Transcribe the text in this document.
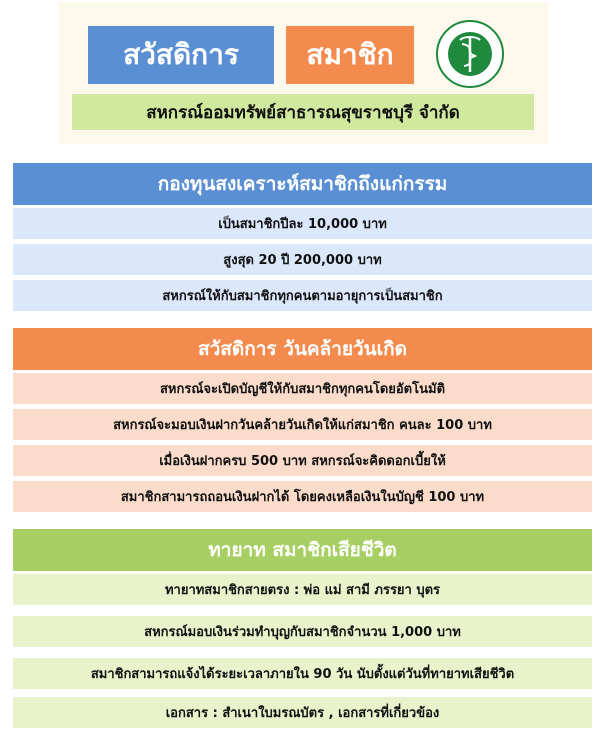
สวัสดิการ	สมาชิก
สหกรณ์ออมทรัพย์สาธารณสุขราชบุรี จำกัด
กองทุนสงเคราะห์สมาชิกถึงแก่กรรม
เป็นสมาชิกปีละ 10,000 บาท
สูงสุด 20 ปี 200,000 บาท
สหกรณ์ให้กับสมาชิกทุกคนตามอายุการเป็นสมาชิก
สวัสดิการ วันคล้ายวันเกิด
สหกรณ์จะเปิดบัญชีให้กับสมาชิกทุกคนโดยอัตโนมัติ
สหกรณ์จะมอบเงินฝากวันคล้ายวันเกิดให้แก่สมาชิก คนละ 100 บาท
เมื่อเงินฝากครบ 500 บาท สหกรณ์จะคิดดอกเบี้ยให้
สมาชิกสามารถถอนเงินฝากได้ โดยคงเหลือเงินในบัญชี 100 บาท
ทายาท สมาชิกเสียชีวิต
ทายาทสมาชิกสายตรง : พ่อ แม่ สามี ภรรยา บุตร
สหกรณ์มอบเงินร่วมทำบุญกับสมาชิกจำนวน 1,000 บาท
สมาชิกสามารถแจ้งได้ระยะเวลาภายใน 90 วัน นับตั้งแต่วันที่ทายาทเสียชีวิต
เอกสาร : สำเนาใบมรณบัตร , เอกสารที่เกี่ยวข้อง
